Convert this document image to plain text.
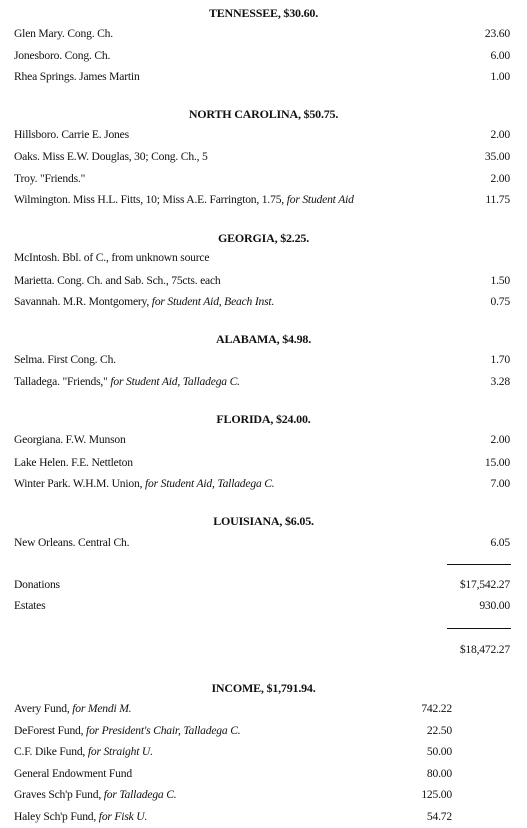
TENNESSEE, $30.60.
Glen Mary. Cong. Ch.	23.60
Jonesboro. Cong. Ch.	6.00
Rhea Springs. James Martin	1.00
NORTH CAROLINA, $50.75.
Hillsboro. Carrie E. Jones	2.00
Oaks. Miss E.W. Douglas, 30; Cong. Ch., 5	35.00
Troy. "Friends."	2.00
Wilmington. Miss H.L. Fitts, 10; Miss A.E. Farrington, 1.75, for Student Aid	11.75
GEORGIA, $2.25.
McIntosh. Bbl. of C., from unknown source
Marietta. Cong. Ch. and Sab. Sch., 75cts. each	1.50
Savannah. M.R. Montgomery, for Student Aid, Beach Inst.	0.75
ALABAMA, $4.98.
Selma. First Cong. Ch.	1.70
Talladega. "Friends," for Student Aid, Talladega C.	3.28
FLORIDA, $24.00.
Georgiana. F.W. Munson	2.00
Lake Helen. F.E. Nettleton	15.00
Winter Park. W.H.M. Union, for Student Aid, Talladega C.	7.00
LOUISIANA, $6.05.
New Orleans. Central Ch.	6.05
Donations	$17,542.27
Estates	930.00
$18,472.27
INCOME, $1,791.94.
Avery Fund, for Mendi M.	742.22
DeForest Fund, for President's Chair, Talladega C.	22.50
C.F. Dike Fund, for Straight U.	50.00
General Endowment Fund	80.00
Graves Sch'p Fund, for Talladega C.	125.00
Haley Sch'p Fund, for Fisk U.	54.72
